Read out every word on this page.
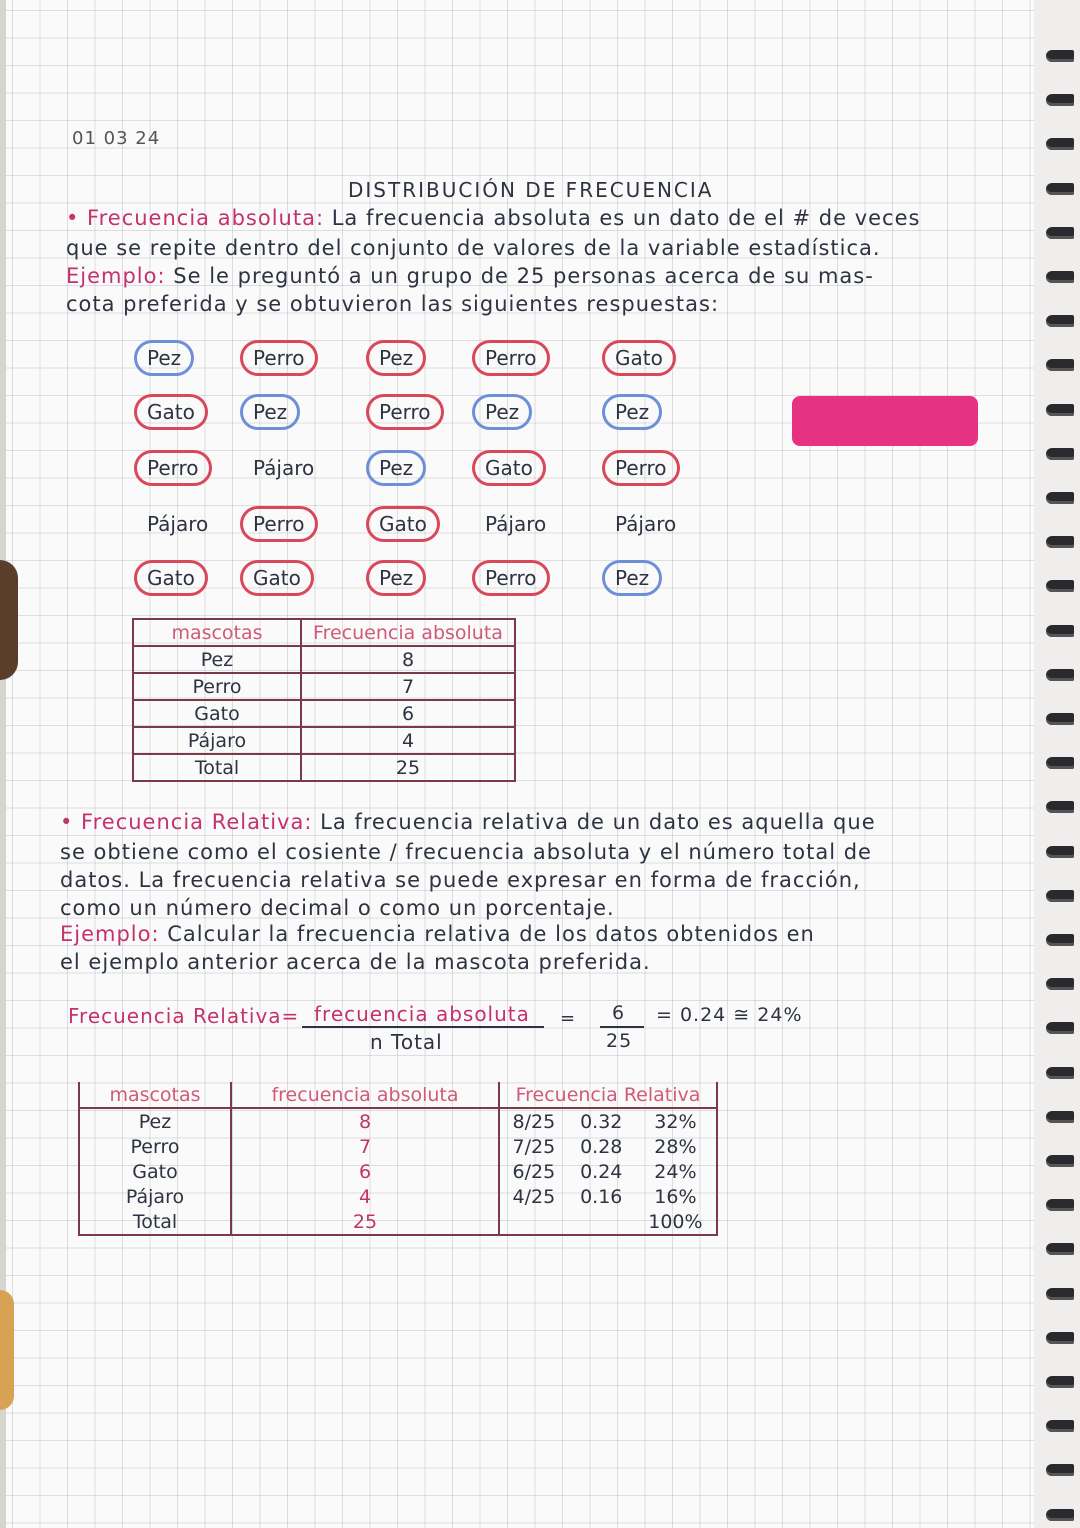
01 03 24
DISTRIBUCIÓN DE FRECUENCIA
• Frecuencia absoluta: La frecuencia absoluta es un dato de el # de veces
que se repite dentro del conjunto de valores de la variable estadística.
Ejemplo: Se le preguntó a un grupo de 25 personas acerca de su mas-
cota preferida y se obtuvieron las siguientes respuestas:
Pez	Perro	Pez	Perro	Gato
Gato	Pez	Perro	Pez	Pez
Perro	Pájaro	Pez	Gato	Perro
Pájaro	Perro	Gato	Pájaro	Pájaro
Gato	Gato	Pez	Perro	Pez
mascotas	Frecuencia absoluta
Pez	8
Perro	7
Gato	6
Pájaro	4
Total	25
• Frecuencia Relativa: La frecuencia relativa de un dato es aquella que
se obtiene como el cosiente / frecuencia absoluta y el número total de
datos. La frecuencia relativa se puede expresar en forma de fracción,
como un número decimal o como un porcentaje.
Ejemplo: Calcular la frecuencia relativa de los datos obtenidos en
el ejemplo anterior acerca de la mascota preferida.
Frecuencia Relativa= frecuencia absoluta
n Total
= 6
25
= 0.24 ≅ 24%
mascotas	frecuencia absoluta	Frecuencia Relativa		
Pez	8	8/25	0.32	32%
Perro	7	7/25	0.28	28%
Gato	6	6/25	0.24	24%
Pájaro	4	4/25	0.16	16%
Total	25			100%
